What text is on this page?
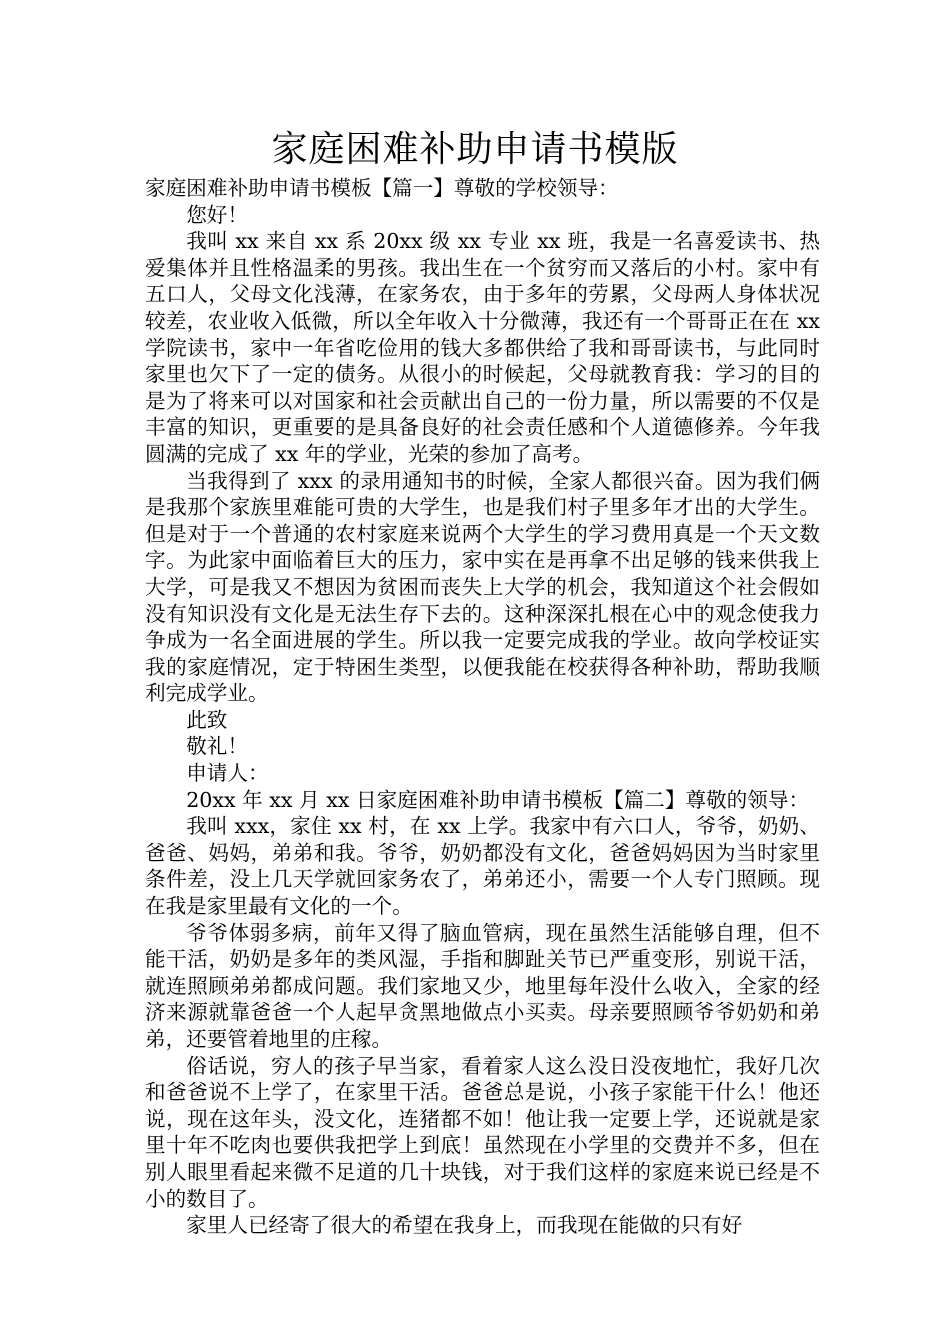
家庭困难补助申请书模版

家庭困难补助申请书模板【篇一】尊敬的学校领导：

您好！

我叫 xx 来自 xx 系 20xx 级 xx 专业 xx 班，我是一名喜爱读书、热爱集体并且性格温柔的男孩。我出生在一个贫穷而又落后的小村。家中有五口人，父母文化浅薄，在家务农，由于多年的劳累，父母两人身体状况较差，农业收入低微，所以全年收入十分微薄，我还有一个哥哥正在在 xx 学院读书，家中一年省吃俭用的钱大多都供给了我和哥哥读书，与此同时家里也欠下了一定的债务。从很小的时候起，父母就教育我：学习的目的是为了将来可以对国家和社会贡献出自己的一份力量，所以需要的不仅是丰富的知识，更重要的是具备良好的社会责任感和个人道德修养。今年我圆满的完成了 xx 年的学业，光荣的参加了高考。

当我得到了 xxx 的录用通知书的时候，全家人都很兴奋。因为我们俩是我那个家族里难能可贵的大学生，也是我们村子里多年才出的大学生。但是对于一个普通的农村家庭来说两个大学生的学习费用真是一个天文数字。为此家中面临着巨大的压力，家中实在是再拿不出足够的钱来供我上大学，可是我又不想因为贫困而丧失上大学的机会，我知道这个社会假如没有知识没有文化是无法生存下去的。这种深深扎根在心中的观念使我力争成为一名全面进展的学生。所以我一定要完成我的学业。故向学校证实我的家庭情况，定于特困生类型，以便我能在校获得各种补助，帮助我顺利完成学业。

此致

敬礼！

申请人：

20xx 年 xx 月 xx 日家庭困难补助申请书模板【篇二】尊敬的领导：

我叫 xxx，家住 xx 村，在 xx 上学。我家中有六口人，爷爷，奶奶、爸爸、妈妈，弟弟和我。爷爷，奶奶都没有文化，爸爸妈妈因为当时家里条件差，没上几天学就回家务农了，弟弟还小，需要一个人专门照顾。现在我是家里最有文化的一个。

爷爷体弱多病，前年又得了脑血管病，现在虽然生活能够自理，但不能干活，奶奶是多年的类风湿，手指和脚趾关节已严重变形，别说干活，就连照顾弟弟都成问题。我们家地又少，地里每年没什么收入，全家的经济来源就靠爸爸一个人起早贪黑地做点小买卖。母亲要照顾爷爷奶奶和弟弟，还要管着地里的庄稼。

俗话说，穷人的孩子早当家，看着家人这么没日没夜地忙，我好几次和爸爸说不上学了，在家里干活。爸爸总是说，小孩子家能干什么！他还说，现在这年头，没文化，连猪都不如！他让我一定要上学，还说就是家里十年不吃肉也要供我把学上到底！虽然现在小学里的交费并不多，但在别人眼里看起来微不足道的几十块钱，对于我们这样的家庭来说已经是不小的数目了。

家里人已经寄了很大的希望在我身上，而我现在能做的只有好
